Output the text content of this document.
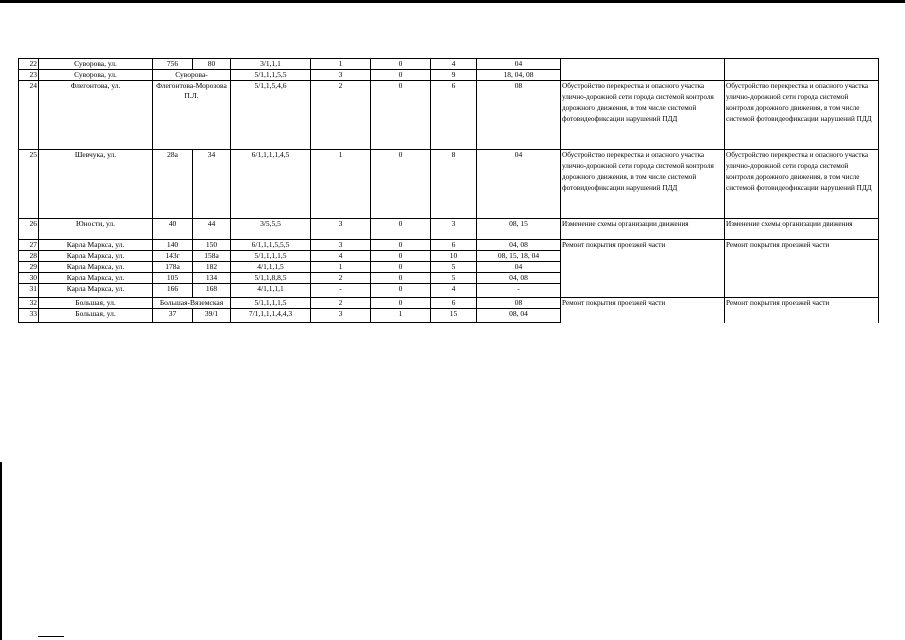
22	Суворова, ул.	756	80	3/1,1,1	1	0	4	04		
23	Суворова, ул.	Суворова-		5/1,1,1,5,5	3	0	9	18, 04, 08		
24	Флегонтова, ул.	Флегонтова-Морозова П.Л.		5/1,1,5,4,6	2	0	6	08	Обустройство перекрестка и опасного участка улично-дорожной сети города системой контроля дорожного движения, в том числе системой фотовидеофиксации нарушений ПДД	Обустройство перекрестка и опасного участка улично-дорожной сети города системой контроля дорожного движения, в том числе системой фотовидеофиксации нарушений ПДД
25	Шевчука, ул.	28а	34	6/1,1,1,1,4,5	1	0	8	04	Обустройство перекрестка и опасного участка улично-дорожной сети города системой контроля дорожного движения, в том числе системой фотовидеофиксации нарушений ПДД	Обустройство перекрестка и опасного участка улично-дорожной сети города системой контроля дорожного движения, в том числе системой фотовидеофиксации нарушений ПДД
26	Юности, ул.	40	44	3/5,5,5	3	0	3	08, 15	Изменение схемы организации движения	Изменение схемы организации движения
27	Карла Маркса, ул.	140	150	6/1,1,1,5,5,5	3	0	6	04, 08	Ремонт покрытия проезжей части	Ремонт покрытия проезжей части
28	Карла Маркса, ул.	143г	158а	5/1,1,1,1,5	4	0	10	08, 15, 18, 04		
29	Карла Маркса, ул.	178а	182	4/1,1,1,5	1	0	5	04		
30	Карла Маркса, ул.	105	134	5/1,1,8,8,5	2	0	5	04, 08		
31	Карла Маркса, ул.	166	168	4/1,1,1,1	-	0	4	-		
32	Большая, ул.	Большая-Вяземская		5/1,1,1,1,5	2	0	6	08	Ремонт покрытия проезжей части	Ремонт покрытия проезжей части
33	Большая, ул.	37	39/1	7/1,1,1,1,4,4,3	3	1	15	08, 04		
